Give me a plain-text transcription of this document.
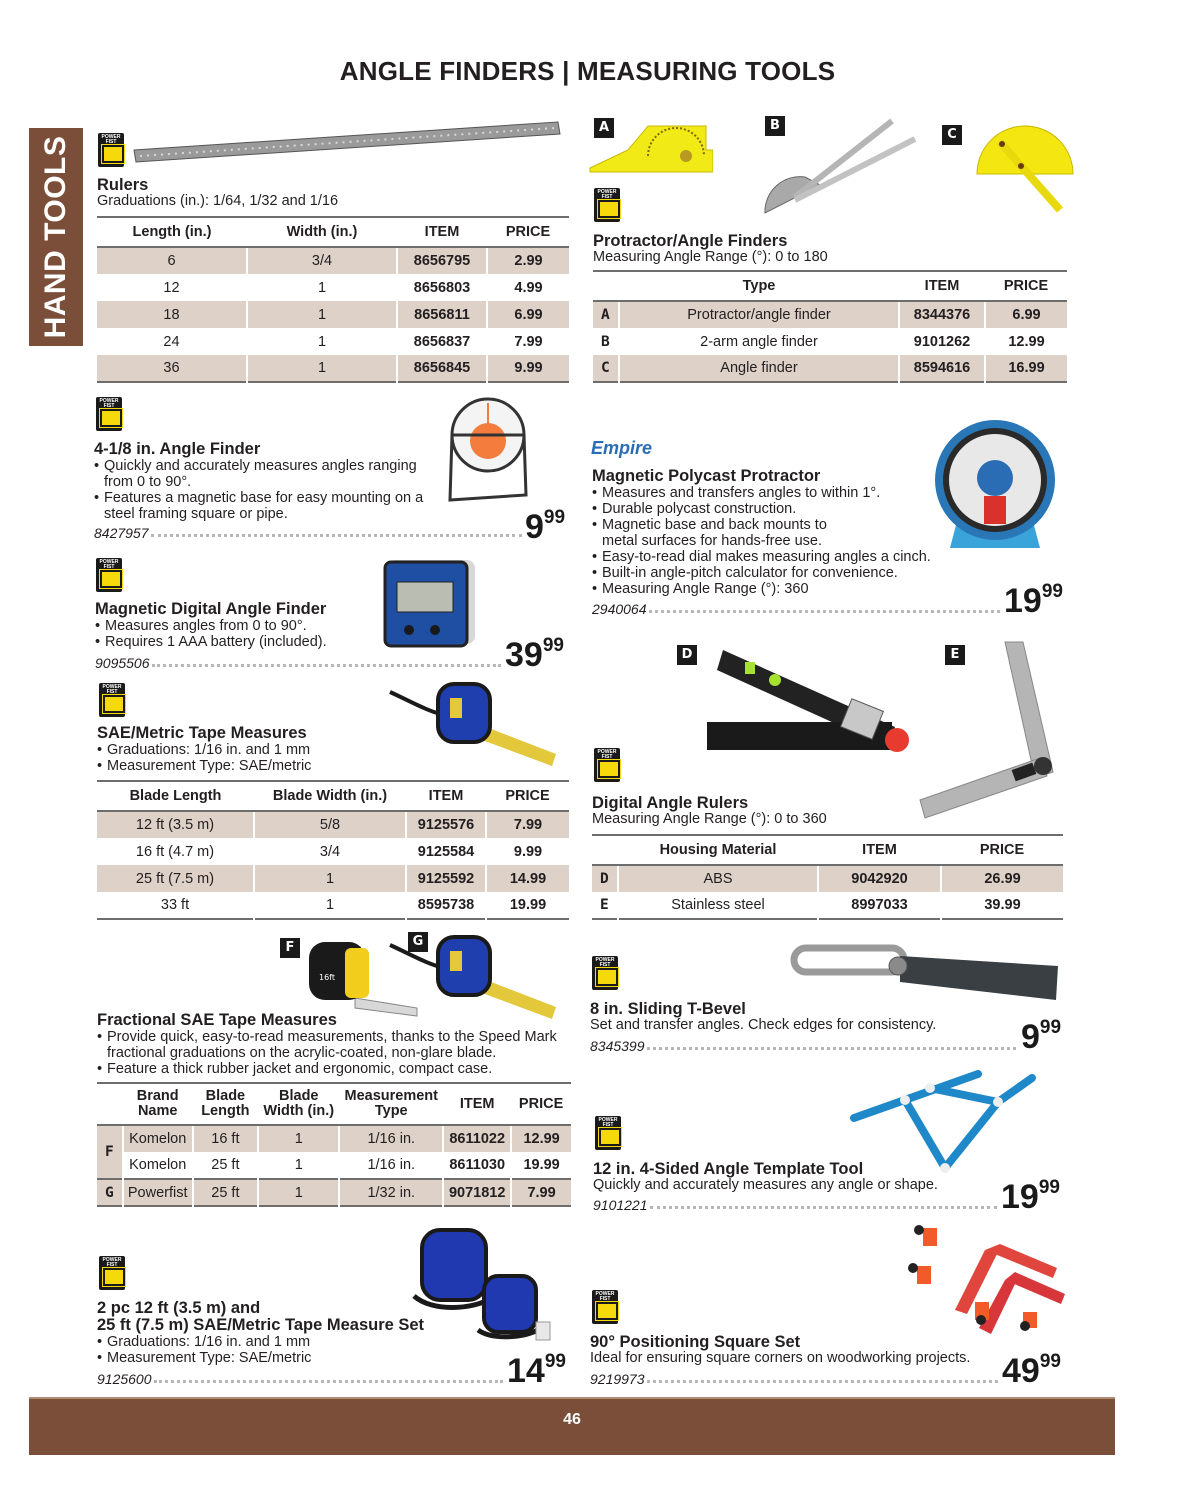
ANGLE FINDERS | MEASURING TOOLS
HAND TOOLS
POWER FIST Rulers
Graduations (in.): 1/64, 1/32 and 1/16
Length (in.)	Width (in.)	ITEM	PRICE
6	3/4	8656795	2.99
12	1	8656803	4.99
18	1	8656811	6.99
24	1	8656837	7.99
36	1	8656845	9.99
A	B
C
POWER FIST
Protractor/Angle Finders
Measuring Angle Range (°): 0 to 180
	Type	ITEM	PRICE
A	Protractor/angle finder	8344376	6.99
B	2-arm angle finder	9101262	12.99
C	Angle finder	8594616	16.99
POWER FIST
4-1/8 in. Angle Finder
• Quickly and accurately measures angles ranging from 0 to 90°.
• Features a magnetic base for easy mounting on a steel framing square or pipe.
8427957	999
Empire
Magnetic Polycast Protractor
• Measures and transfers angles to within 1°.
• Durable polycast construction.
• Magnetic base and back mounts to metal surfaces for hands-free use.
• Easy-to-read dial makes measuring angles a cinch.
• Built-in angle-pitch calculator for convenience.
• Measuring Angle Range (°): 360
2940064	1999
POWER FIST
Magnetic Digital Angle Finder
• Measures angles from 0 to 90°.
• Requires 1 AAA battery (included).
9095506	3999	D	E
POWER FIST
Digital Angle Rulers
Measuring Angle Range (°): 0 to 360
	Housing Material	ITEM	PRICE
D	ABS	9042920	26.99
E	Stainless steel	8997033	39.99
POWER FIST
SAE/Metric Tape Measures
• Graduations: 1/16 in. and 1 mm
• Measurement Type: SAE/metric
Blade Length	Blade Width (in.)	ITEM	PRICE
12 ft (3.5 m)	5/8	9125576	7.99
16 ft (4.7 m)	3/4	9125584	9.99
25 ft (7.5 m)	1	9125592	14.99
33 ft	1	8595738	19.99
POWER FIST
8 in. Sliding T-Bevel
Set and transfer angles. Check edges for consistency.
8345399	999
F	G
16ft
Fractional SAE Tape Measures
• Provide quick, easy-to-read measurements, thanks to the Speed Mark fractional graduations on the acrylic-coated, non-glare blade.
• Feature a thick rubber jacket and ergonomic, compact case.
	Brand Name	Blade Length	Blade Width (in.)	Measurement Type	ITEM	PRICE
F	Komelon	16 ft	1	1/16 in.	8611022	12.99
	Komelon	25 ft	1	1/16 in.	8611030	19.99
G	Powerfist	25 ft	1	1/32 in.	9071812	7.99
POWER FIST
12 in. 4-Sided Angle Template Tool
Quickly and accurately measures any angle or shape.
9101221	1999
POWER FIST
2 pc 12 ft (3.5 m) and
25 ft (7.5 m) SAE/Metric Tape Measure Set
• Graduations: 1/16 in. and 1 mm
• Measurement Type: SAE/metric
9125600	1499
POWER FIST
90° Positioning Square Set
Ideal for ensuring square corners on woodworking projects.
9219973	4999
46
